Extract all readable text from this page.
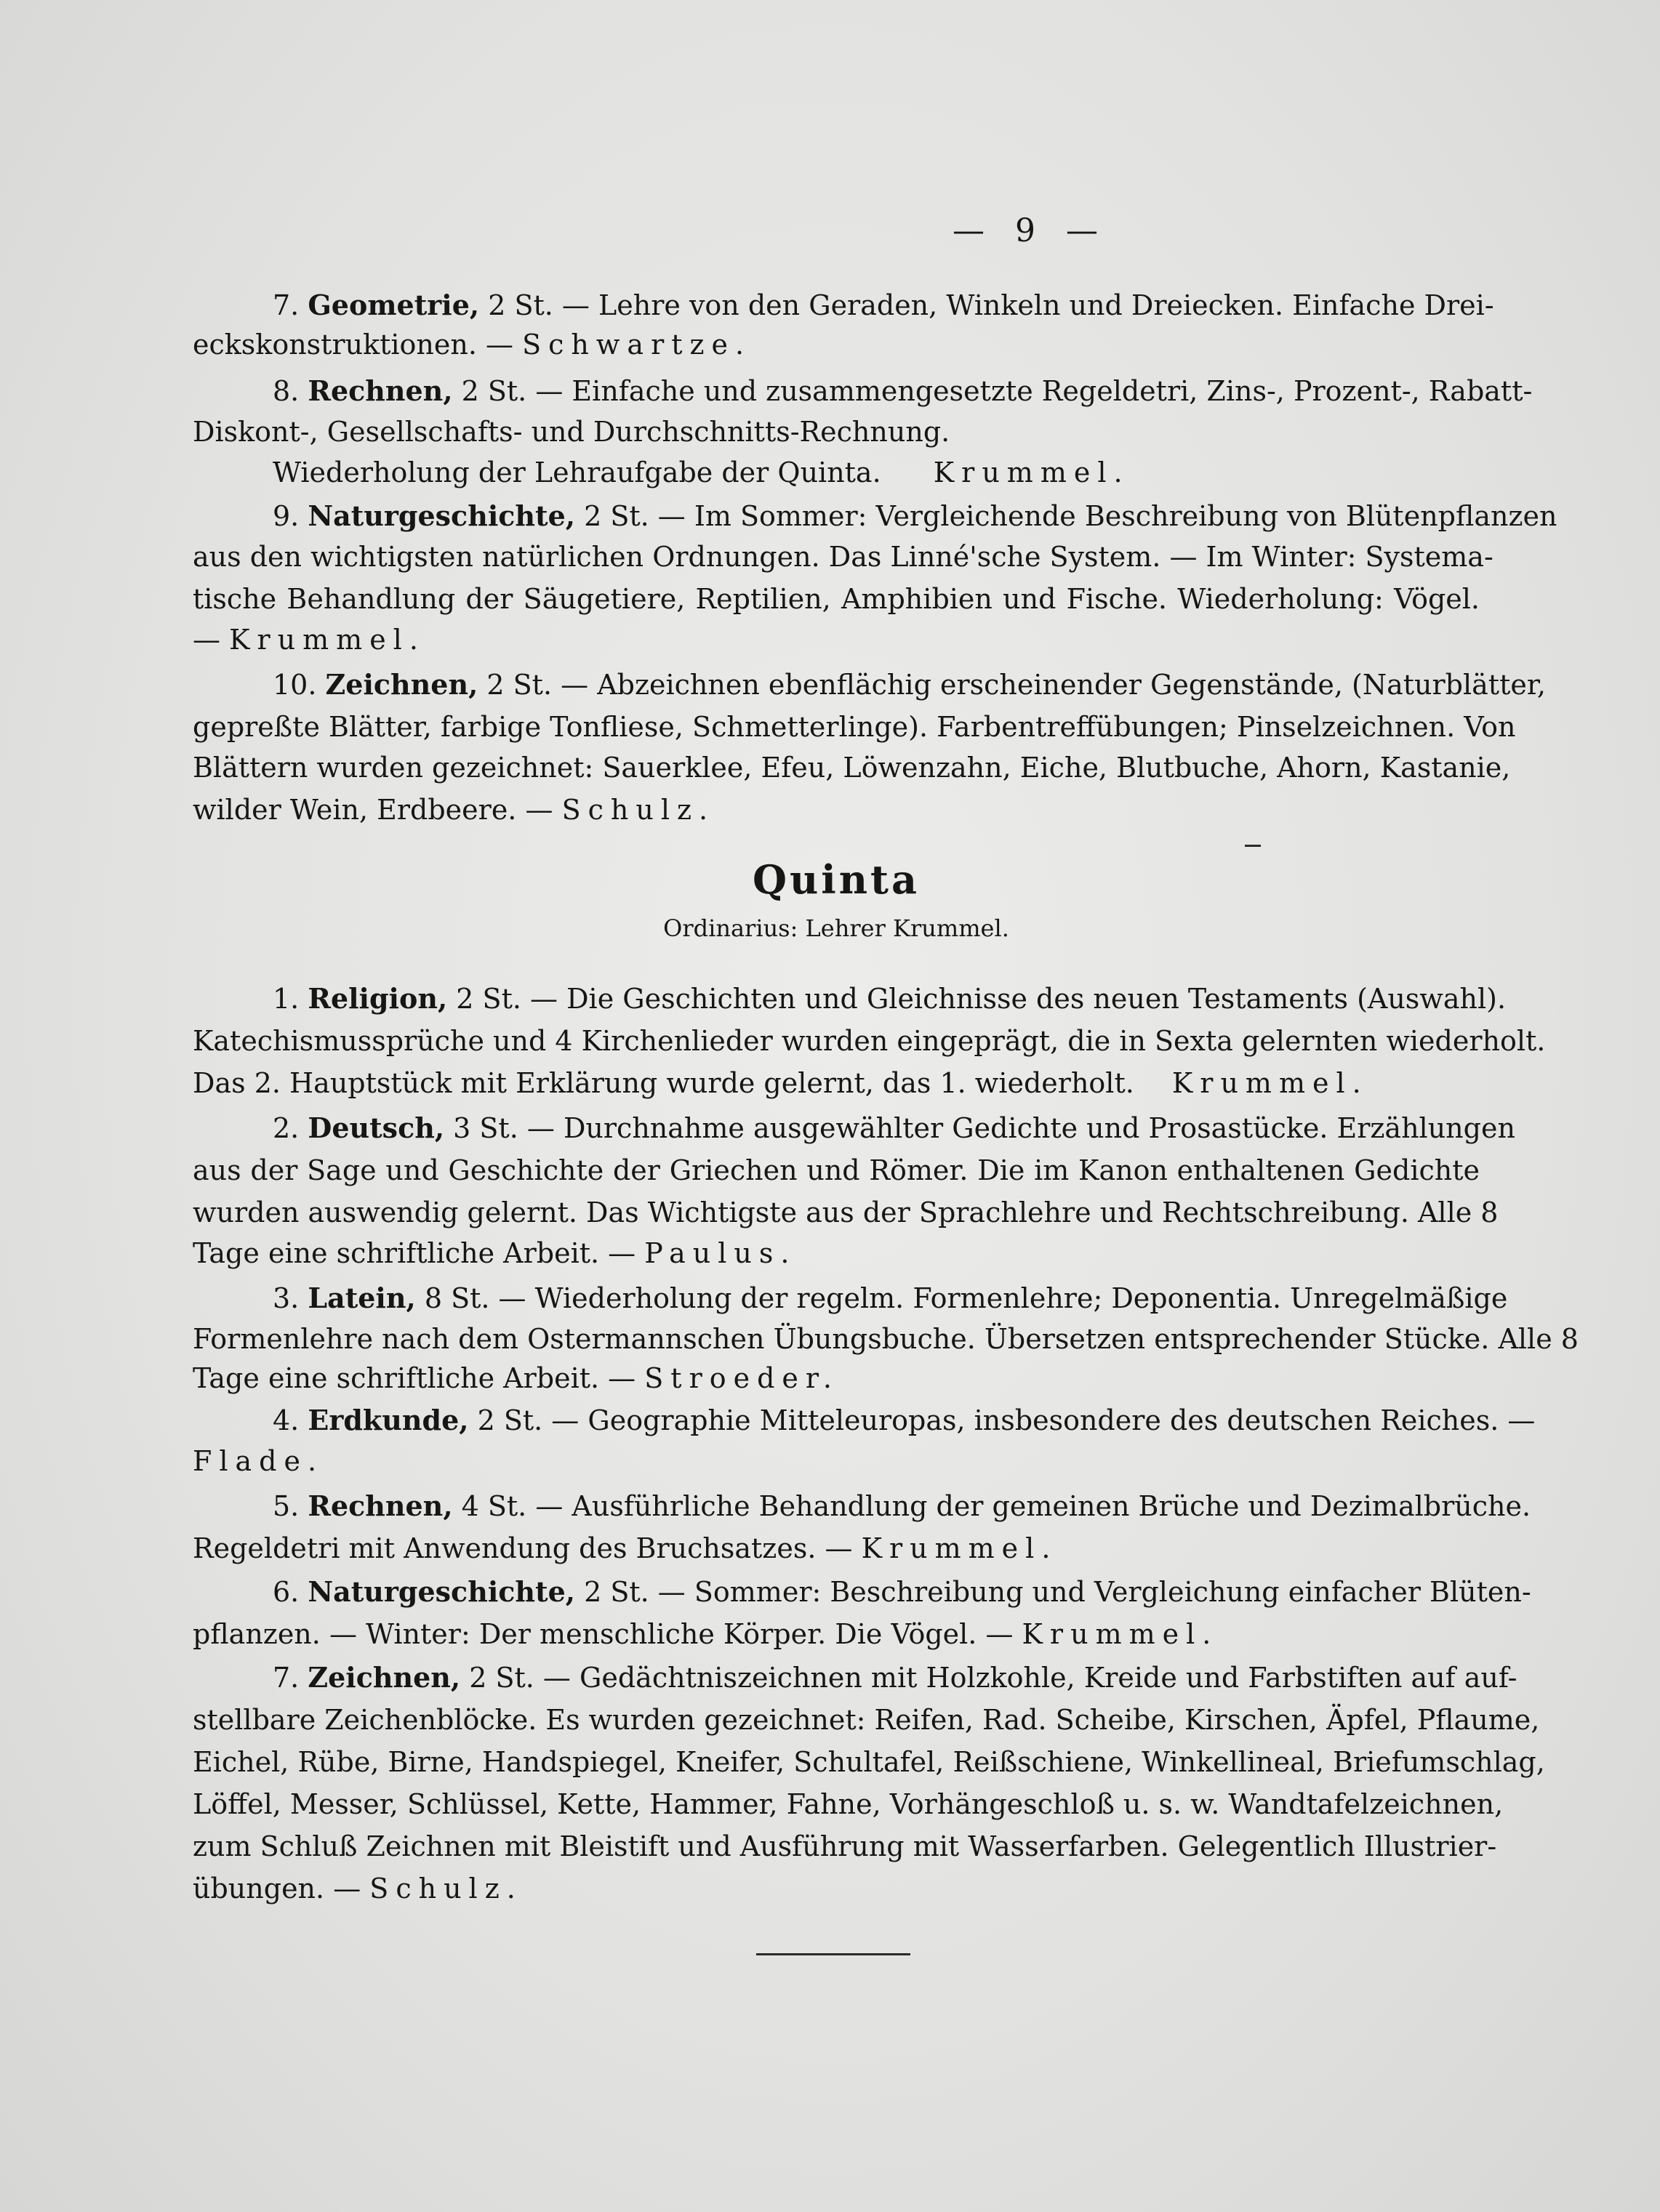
— 9 —
7. Geometrie, 2 St. — Lehre von den Geraden, Winkeln und Dreiecken. Einfache Drei-
eckskonstruktionen. — Schwartze.
8. Rechnen, 2 St. — Einfache und zusammengesetzte Regeldetri, Zins-, Prozent-, Rabatt-
Diskont-, Gesellschafts- und Durchschnitts-Rechnung.
Wiederholung der Lehraufgabe der Quinta. Krummel.
9. Naturgeschichte, 2 St. — Im Sommer: Vergleichende Beschreibung von Blütenpflanzen
aus den wichtigsten natürlichen Ordnungen. Das Linné'sche System. — Im Winter: Systema-
tische Behandlung der Säugetiere, Reptilien, Amphibien und Fische. Wiederholung: Vögel.
— Krummel.
10. Zeichnen, 2 St. — Abzeichnen ebenflächig erscheinender Gegenstände, (Naturblätter,
gepreßte Blätter, farbige Tonfliese, Schmetterlinge). Farbentreffübungen; Pinselzeichnen. Von
Blättern wurden gezeichnet: Sauerklee, Efeu, Löwenzahn, Eiche, Blutbuche, Ahorn, Kastanie,
wilder Wein, Erdbeere. — Schulz.
Quinta
Ordinarius: Lehrer Krummel.
1. Religion, 2 St. — Die Geschichten und Gleichnisse des neuen Testaments (Auswahl).
Katechismussprüche und 4 Kirchenlieder wurden eingeprägt, die in Sexta gelernten wiederholt.
Das 2. Hauptstück mit Erklärung wurde gelernt, das 1. wiederholt. Krummel.
2. Deutsch, 3 St. — Durchnahme ausgewählter Gedichte und Prosastücke. Erzählungen
aus der Sage und Geschichte der Griechen und Römer. Die im Kanon enthaltenen Gedichte
wurden auswendig gelernt. Das Wichtigste aus der Sprachlehre und Rechtschreibung. Alle 8
Tage eine schriftliche Arbeit. — Paulus.
3. Latein, 8 St. — Wiederholung der regelm. Formenlehre; Deponentia. Unregelmäßige
Formenlehre nach dem Ostermannschen Übungsbuche. Übersetzen entsprechender Stücke. Alle 8
Tage eine schriftliche Arbeit. — Stroeder.
4. Erdkunde, 2 St. — Geographie Mitteleuropas, insbesondere des deutschen Reiches. —
Flade.
5. Rechnen, 4 St. — Ausführliche Behandlung der gemeinen Brüche und Dezimalbrüche.
Regeldetri mit Anwendung des Bruchsatzes. — Krummel.
6. Naturgeschichte, 2 St. — Sommer: Beschreibung und Vergleichung einfacher Blüten-
pflanzen. — Winter: Der menschliche Körper. Die Vögel. — Krummel.
7. Zeichnen, 2 St. — Gedächtniszeichnen mit Holzkohle, Kreide und Farbstiften auf auf-
stellbare Zeichenblöcke. Es wurden gezeichnet: Reifen, Rad. Scheibe, Kirschen, Äpfel, Pflaume,
Eichel, Rübe, Birne, Handspiegel, Kneifer, Schultafel, Reißschiene, Winkellineal, Briefumschlag,
Löffel, Messer, Schlüssel, Kette, Hammer, Fahne, Vorhängeschloß u. s. w. Wandtafelzeichnen,
zum Schluß Zeichnen mit Bleistift und Ausführung mit Wasserfarben. Gelegentlich Illustrier-
übungen. — Schulz.
